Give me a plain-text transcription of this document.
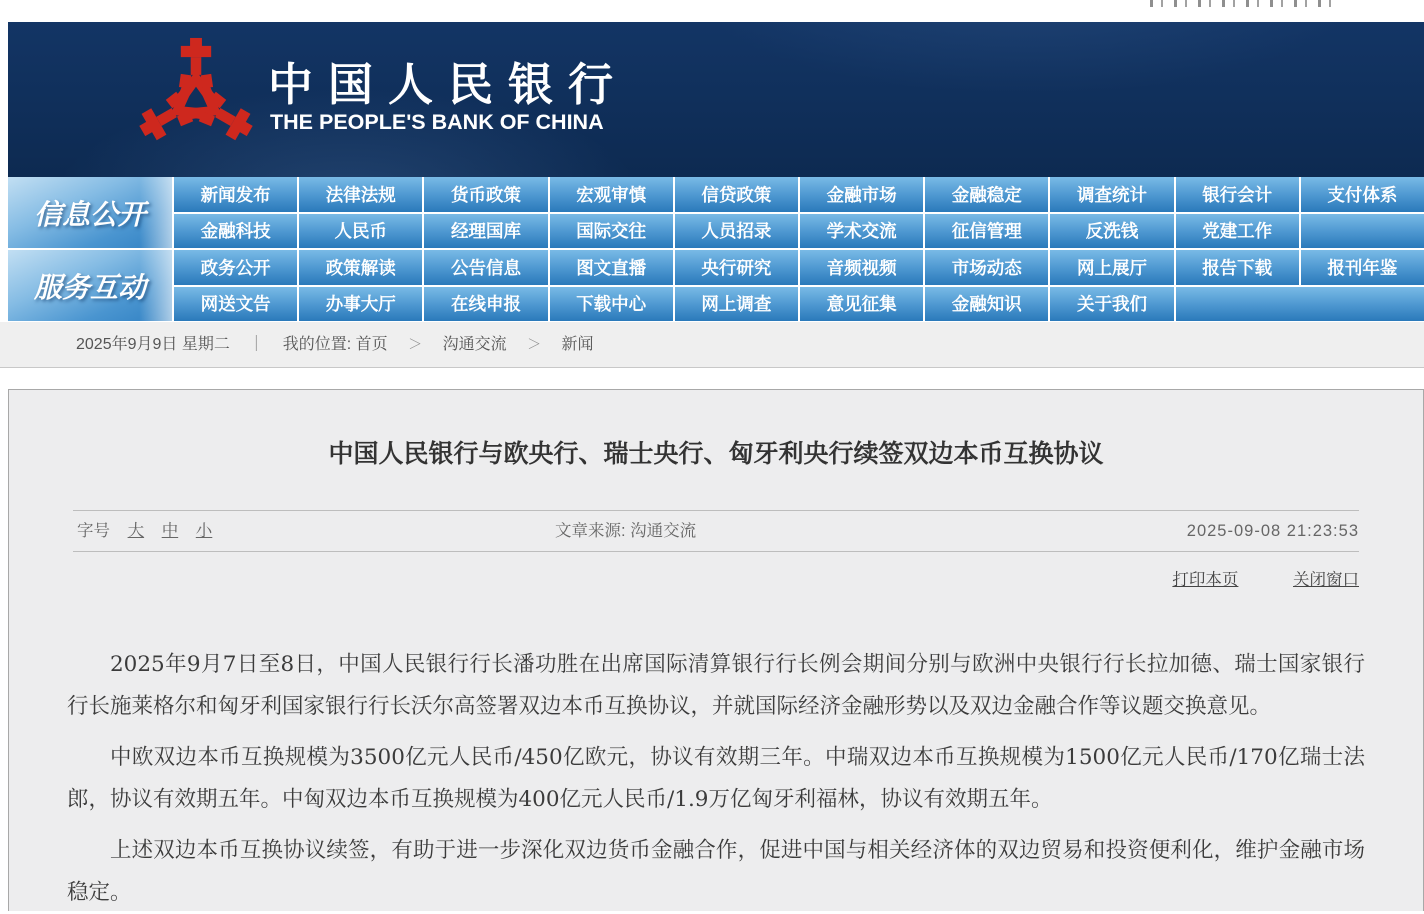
中国人民银行
THE PEOPLE'S BANK OF CHINA
信息公开
新闻发布	法律法规	货币政策	宏观审慎	信贷政策	金融市场	金融稳定	调查统计	银行会计	支付体系
金融科技	人民币	经理国库	国际交往	人员招录	学术交流	征信管理	反洗钱	党建工作
服务互动
政务公开	政策解读	公告信息	图文直播	央行研究	音频视频	市场动态	网上展厅	报告下载	报刊年鉴
网送文告	办事大厅	在线申报	下载中心	网上调查	意见征集	金融知识	关于我们
2025年9月9日 星期二 ｜ 我的位置: 首页 ＞ 沟通交流 ＞ 新闻
中国人民银行与欧央行、瑞士央行、匈牙利央行续签双边本币互换协议
字号 大 中 小	文章来源: 沟通交流	2025-09-08 21:23:53
打印本页	关闭窗口

2025年9月7日至8日，中国人民银行行长潘功胜在出席国际清算银行行长例会期间分别与欧洲中央银行行长拉加德、瑞士国家银行行长施莱格尔和匈牙利国家银行行长沃尔高签署双边本币互换协议，并就国际经济金融形势以及双边金融合作等议题交换意见。

中欧双边本币互换规模为3500亿元人民币/450亿欧元，协议有效期三年。中瑞双边本币互换规模为1500亿元人民币/170亿瑞士法郎，协议有效期五年。中匈双边本币互换规模为400亿元人民币/1.9万亿匈牙利福林，协议有效期五年。

上述双边本币互换协议续签，有助于进一步深化双边货币金融合作，促进中国与相关经济体的双边贸易和投资便利化，维护金融市场稳定。
